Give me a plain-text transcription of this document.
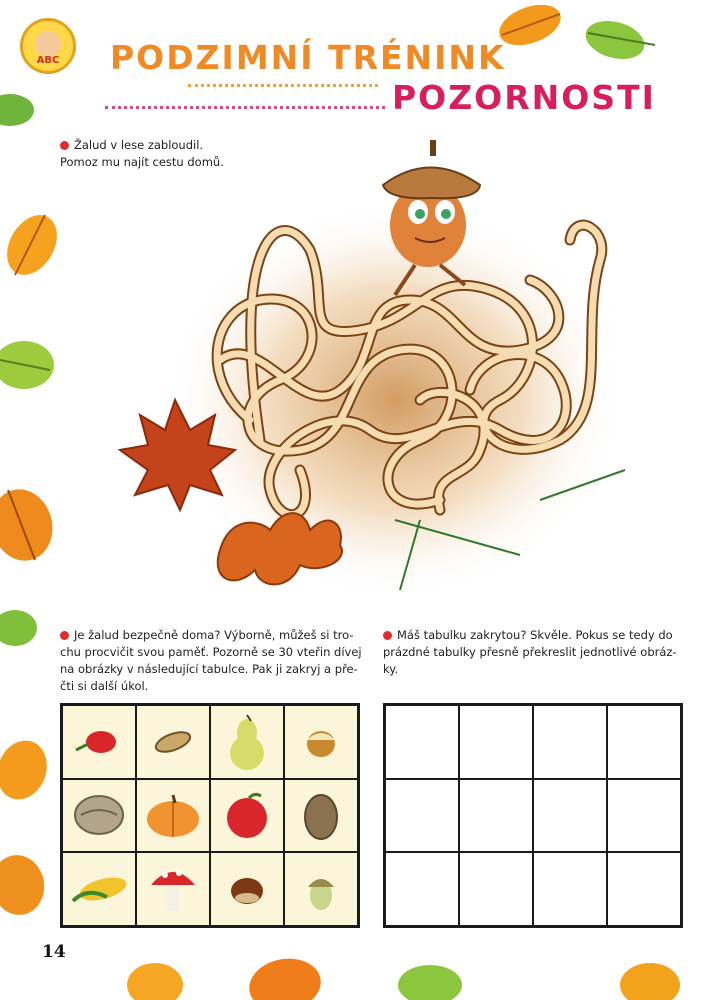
ABC	PODZIMNÍ TRÉNINK
POZORNOSTI
Žalud v lese zabloudil.
Pomoz mu najít cestu domů.
Je žalud bezpečně doma? Výborně, můžeš si tro-
chu procvičit svou paměť. Pozorně se 30 vteřin dívej
na obrázky v následující tabulce. Pak ji zakryj a pře-
čti si další úkol.
Máš tabulku zakrytou? Skvěle. Pokus se tedy do
prázdné tabulky přesně překreslit jednotlivé obráz-
ky.
14
